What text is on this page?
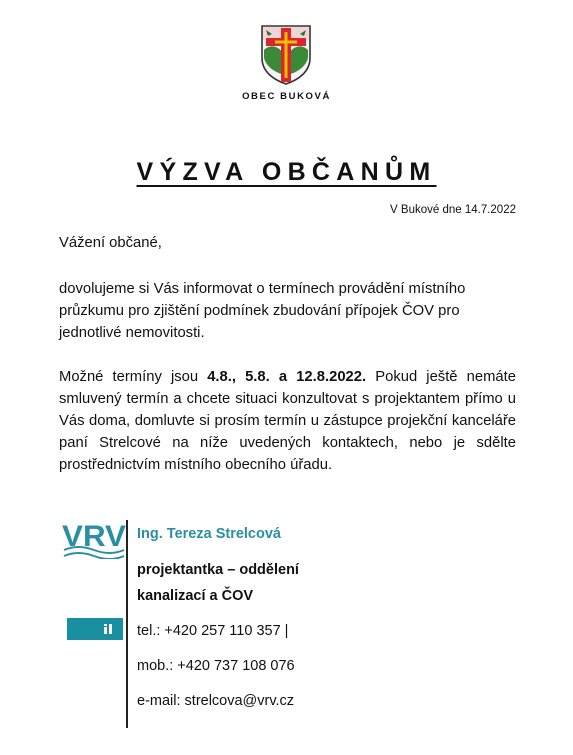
OBEC BUKOVÁ
VÝZVA OBČANŮM
V Bukové dne 14.7.2022
Vážení občané,
dovolujeme si Vás informovat o termínech provádění místního průzkumu pro zjištění podmínek zbudování přípojek ČOV pro jednotlivé nemovitosti.
Možné termíny jsou 4.8., 5.8. a 12.8.2022. Pokud ještě nemáte smluvený termín a chcete situaci konzultovat s projektantem přímo u Vás doma, domluvte si prosím termín u zástupce projekční kanceláře paní Strelcové na níže uvedených kontaktech, nebo je sdělte prostřednictvím místního obecního úřadu.
VRV Ing. Tereza Strelcová
projektantka – oddělení
kanalizací a ČOV
tel.: +420 257 110 357 |
mob.: +420 737 108 076
e-mail: strelcova@vrv.cz
